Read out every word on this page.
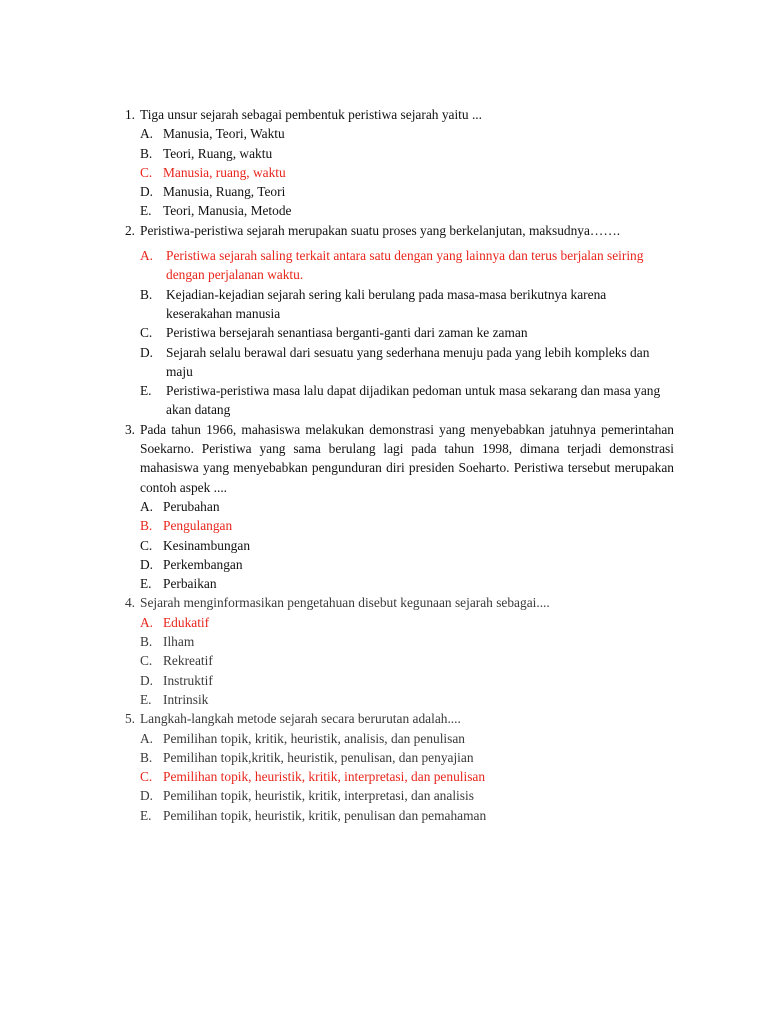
1. Tiga unsur sejarah sebagai pembentuk peristiwa sejarah yaitu ...
A. Manusia, Teori, Waktu
B. Teori, Ruang, waktu
C. Manusia, ruang, waktu
D. Manusia, Ruang, Teori
E. Teori, Manusia, Metode
2. Peristiwa-peristiwa sejarah merupakan suatu proses yang berkelanjutan, maksudnya…….
A. Peristiwa sejarah saling terkait antara satu dengan yang lainnya dan terus berjalan seiring dengan perjalanan waktu.
B.	Kejadian-kejadian sejarah sering kali berulang pada masa-masa berikutnya karena keserakahan manusia
C.	Peristiwa bersejarah senantiasa berganti-ganti dari zaman ke zaman
D. Sejarah selalu berawal dari sesuatu yang sederhana menuju pada yang lebih kompleks dan maju
E.	Peristiwa-peristiwa masa lalu dapat dijadikan pedoman untuk masa sekarang dan masa yang akan datang
3. Pada tahun 1966, mahasiswa melakukan demonstrasi yang menyebabkan jatuhnya pemerintahan Soekarno. Peristiwa yang sama berulang lagi pada tahun 1998, dimana terjadi demonstrasi mahasiswa yang menyebabkan pengunduran diri presiden Soeharto. Peristiwa tersebut merupakan contoh aspek ....
A. Perubahan
B. Pengulangan
C. Kesinambungan
D. Perkembangan
E. Perbaikan
4. Sejarah menginformasikan pengetahuan disebut kegunaan sejarah sebagai....
A. Edukatif
B. Ilham
C. Rekreatif
D. Instruktif
E. Intrinsik
5. Langkah-langkah metode sejarah secara berurutan adalah....
A. Pemilihan topik, kritik, heuristik, analisis, dan penulisan
B. Pemilihan topik,kritik, heuristik, penulisan, dan penyajian
C. Pemilihan topik, heuristik, kritik, interpretasi, dan penulisan
D. Pemilihan topik, heuristik, kritik, interpretasi, dan analisis
E. Pemilihan topik, heuristik, kritik, penulisan dan pemahaman
